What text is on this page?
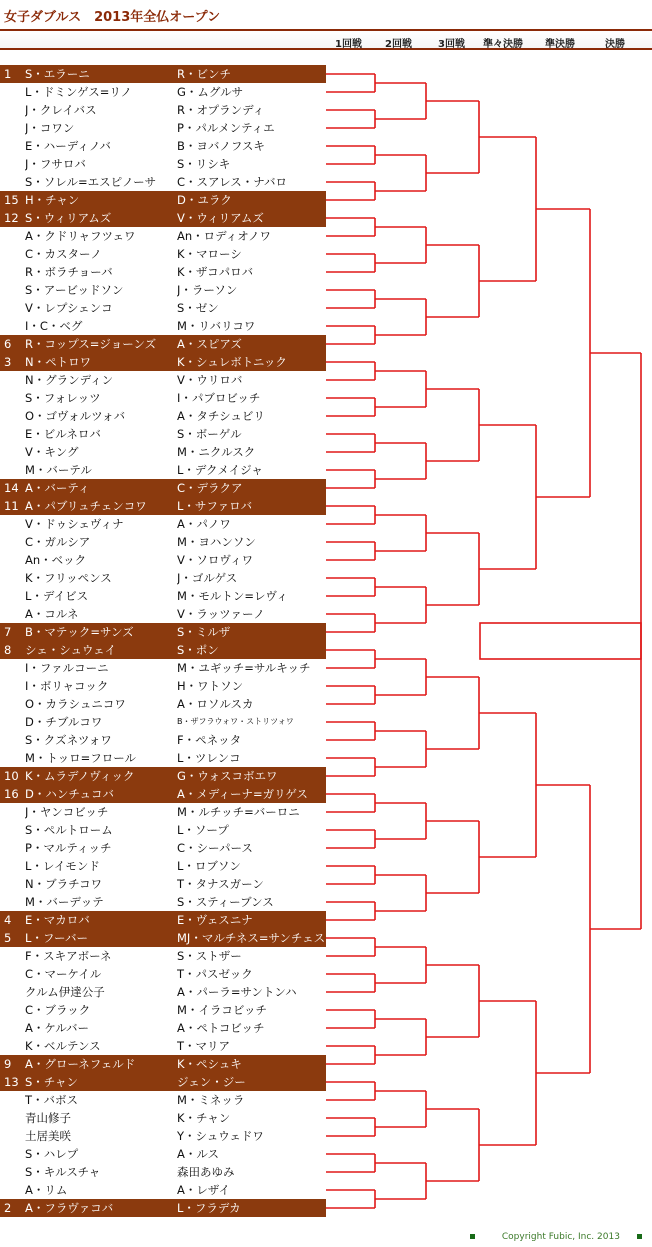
女子ダブルス　2013年全仏オープン
1回戦 2回戦	3回戦 準々決勝 準決勝	決勝
1	S・エラーニ	R・ビンチ
L・ドミンゲス=リノ	G・ムグルサ
J・クレイバス	R・オプランディ
J・コワン	P・パルメンティエ
E・ハーディノバ	B・ヨバノフスキ
J・フサロバ	S・リシキ
S・ソレル=エスピノーサ	C・スアレス・ナバロ
15 H・チャン	D・ユラク
12 S・ウィリアムズ	V・ウィリアムズ
A・クドリャフツェワ	An・ロディオノワ
C・カスターノ	K・マローシ
R・ボラチョーバ	K・ザコパロバ
S・アービッドソン	J・ラーソン
V・レプシェンコ	S・ゼン
I・C・ベグ	M・リバリコワ
6	R・コップス=ジョーンズ	A・スピアズ
3	N・ペトロワ	K・シュレボトニック
N・グランディン	V・ウリロバ
S・フォレッツ	I・パブロビッチ
O・ゴヴォルツォバ	A・タチシュビリ
E・ビルネロバ	S・ボーゲル
V・キング	M・ニクルスク
M・バーテル	L・デクメイジャ
14 A・バーティ	C・デラクア
11 A・パブリュチェンコワ	L・サファロバ
V・ドゥシェヴィナ	A・パノワ
C・ガルシア	M・ヨハンソン
An・ベック	V・ソロヴィワ
K・フリッペンス	J・ゴルゲス
L・デイビス	M・モルトン=レヴィ
A・コルネ	V・ラッツァーノ
7	B・マテック=サンズ	S・ミルザ
8	シェ・シュウェイ	S・ポン
I・ファルコーニ	M・ユギッチ=サルキッチ
I・ボリャコック	H・ワトソン
O・カラシュニコワ	A・ロソルスカ
D・チブルコワ	B・ザフラウォワ・ストリツォワ
S・クズネツォワ	F・ペネッタ
M・トッロ=フロール	L・ツレンコ
10 K・ムラデノヴィック	G・ウォスコボエワ
16 D・ハンチュコバ	A・メディーナ=ガリゲス
J・ヤンコビッチ	M・ルチッチ=バーロニ
S・ペルトローム	L・ソープ
P・マルティッチ	C・シーパース
L・レイモンド	L・ロブソン
N・ブラチコワ	T・タナスガーン
M・バーデッテ	S・スティーブンス
4	E・マカロバ	E・ヴェスニナ
5	L・フーバー	MJ・マルチネス=サンチェス
F・スキアボーネ	S・ストザー
C・マーケイル	T・パスゼック
クルム伊達公子	A・パーラ=サントンハ
C・ブラック	M・イラコビッチ
A・ケルバー	A・ペトコビッチ
K・ベルテンス	T・マリア
9	A・グローネフェルド	K・ペシュキ
13 S・チャン	ジェン・ジー
T・バボス	M・ミネッラ
青山修子	K・チャン
土居美咲	Y・シュウェドワ
S・ハレプ	A・ルス
S・キルスチャ	森田あゆみ
A・リム	A・レザイ
2	A・フラヴァコバ	L・フラデカ
Copyright Fubic, Inc. 2013
